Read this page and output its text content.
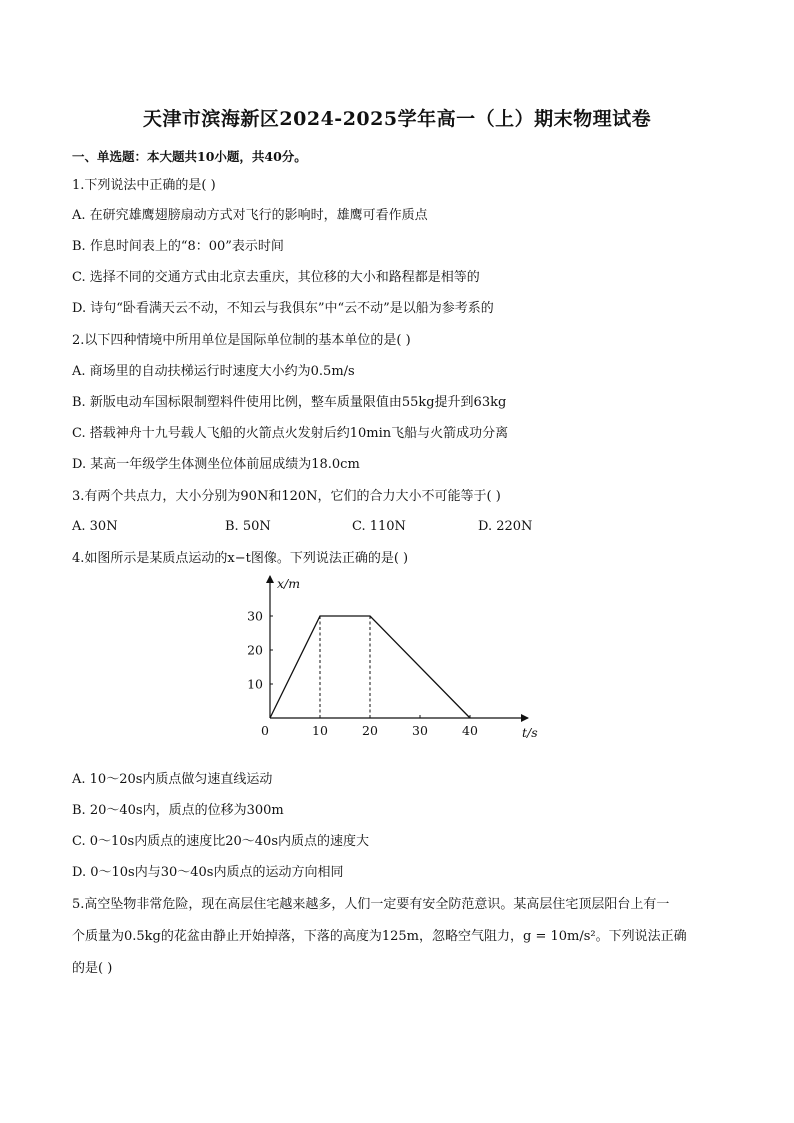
天津市滨海新区2024-2025学年高一（上）期末物理试卷
一、单选题：本大题共10小题，共40分。
1.下列说法中正确的是( )
A. 在研究雄鹰翅膀扇动方式对飞行的影响时，雄鹰可看作质点
B. 作息时间表上的“8：00”表示时间
C. 选择不同的交通方式由北京去重庆，其位移的大小和路程都是相等的
D. 诗句“卧看满天云不动，不知云与我俱东”中“云不动”是以船为参考系的
2.以下四种情境中所用单位是国际单位制的基本单位的是( )
A. 商场里的自动扶梯运行时速度大小约为0.5m/s
B. 新版电动车国标限制塑料件使用比例，整车质量限值由55kg提升到63kg
C. 搭载神舟十九号载人飞船的火箭点火发射后约10min飞船与火箭成功分离
D. 某高一年级学生体测坐位体前屈成绩为18.0cm
3.有两个共点力，大小分别为90N和120N，它们的合力大小不可能等于( )
A. 30N	B. 50N	C. 110N	D. 220N
4.如图所示是某质点运动的x−t图像。下列说法正确的是( )
10
20
30
0	10	20	30	40
x/m
t/s
A. 10～20s内质点做匀速直线运动
B. 20～40s内，质点的位移为300m
C. 0～10s内质点的速度比20～40s内质点的速度大
D. 0～10s内与30～40s内质点的运动方向相同
5.高空坠物非常危险，现在高层住宅越来越多，人们一定要有安全防范意识。某高层住宅顶层阳台上有一
个质量为0.5kg的花盆由静止开始掉落，下落的高度为125m，忽略空气阻力，g = 10m/s²。下列说法正确
的是( )
